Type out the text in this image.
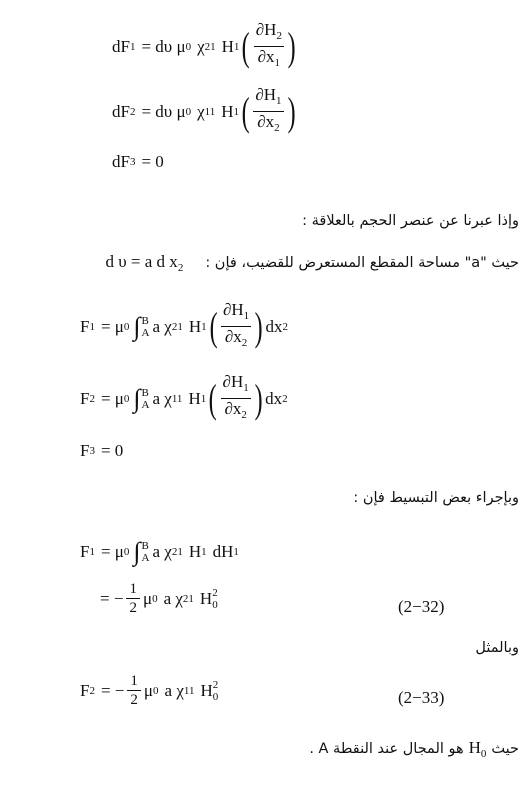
dF 1 = dυ μ 0 χ 21 H 1 ( $\frac{\partial H_2}{\partial x_1}$ )
dF 2 = dυ μ 0 χ 11 H 1 ( $\frac{\partial H_1}{\partial x_2}$ )
dF 3 = 0
وإذا عبرنا عن عنصر الحجم بالعلاقة :
d υ = a d $x_2$ حيث "a" مساحة المقطع المستعرض للقضيب، فإن :
F 1 = μ 0 ∫ B
A a χ 21 H 1 ( $\frac{\partial H_1}{\partial x_2}$ ) dx 2
F 2 = μ 0 ∫ B
A a χ 11 H 1 ( $\frac{\partial H_1}{\partial x_2}$ ) dx 2
F 3 = 0
وبإجراء بعض التبسيط فإن :
F 1 = μ 0 ∫ B
A a χ 21 H 1 dH 1
= − $\frac{1}{2}$ μ 0 a χ 21 H 2
0	(2−32)
وبالمثل
F 2 = − $\frac{1}{2}$ μ 0 a χ 11 H 2
0	(2−33)
حيث
$H_0$
هو المجال عند النقطة A .
